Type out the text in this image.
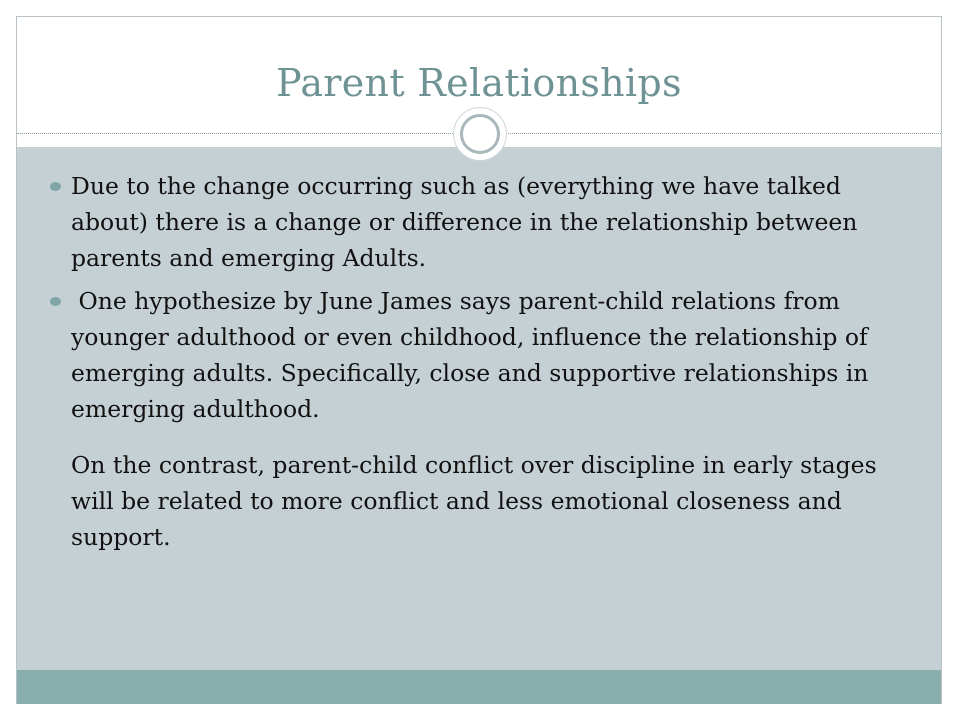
Parent Relationships
Due to the change occurring such as (everything we have talked about) there is a change or difference in the relationship between  parents and emerging Adults.
One hypothesize by June James says parent-child relations from younger adulthood or even childhood, influence the relationship of emerging adults. Specifically, close and supportive relationships in emerging adulthood.
On the contrast, parent-child conflict over discipline in early stages will be related to more conflict and less emotional closeness and support.
